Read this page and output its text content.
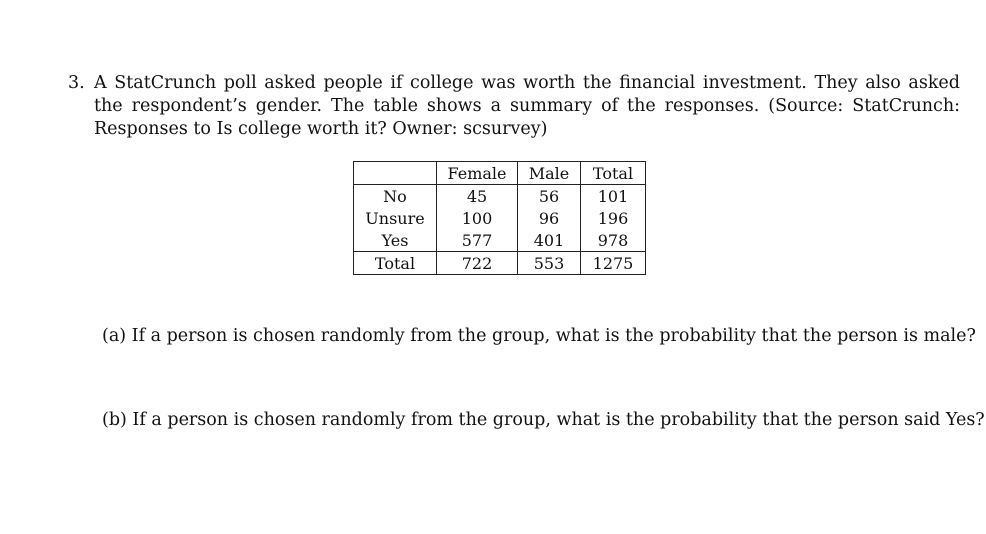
3. A StatCrunch poll asked people if college was worth the financial investment. They also asked the respondent’s gender. The table shows a summary of the responses. (Source: StatCrunch: Responses to Is college worth it? Owner: scsurvey)
	Female	Male	Total
No	45	56	101
Unsure	100	96	196
Yes	577	401	978
Total	722	553	1275
(a) If a person is chosen randomly from the group, what is the probability that the person is male?
(b) If a person is chosen randomly from the group, what is the probability that the person said Yes?
